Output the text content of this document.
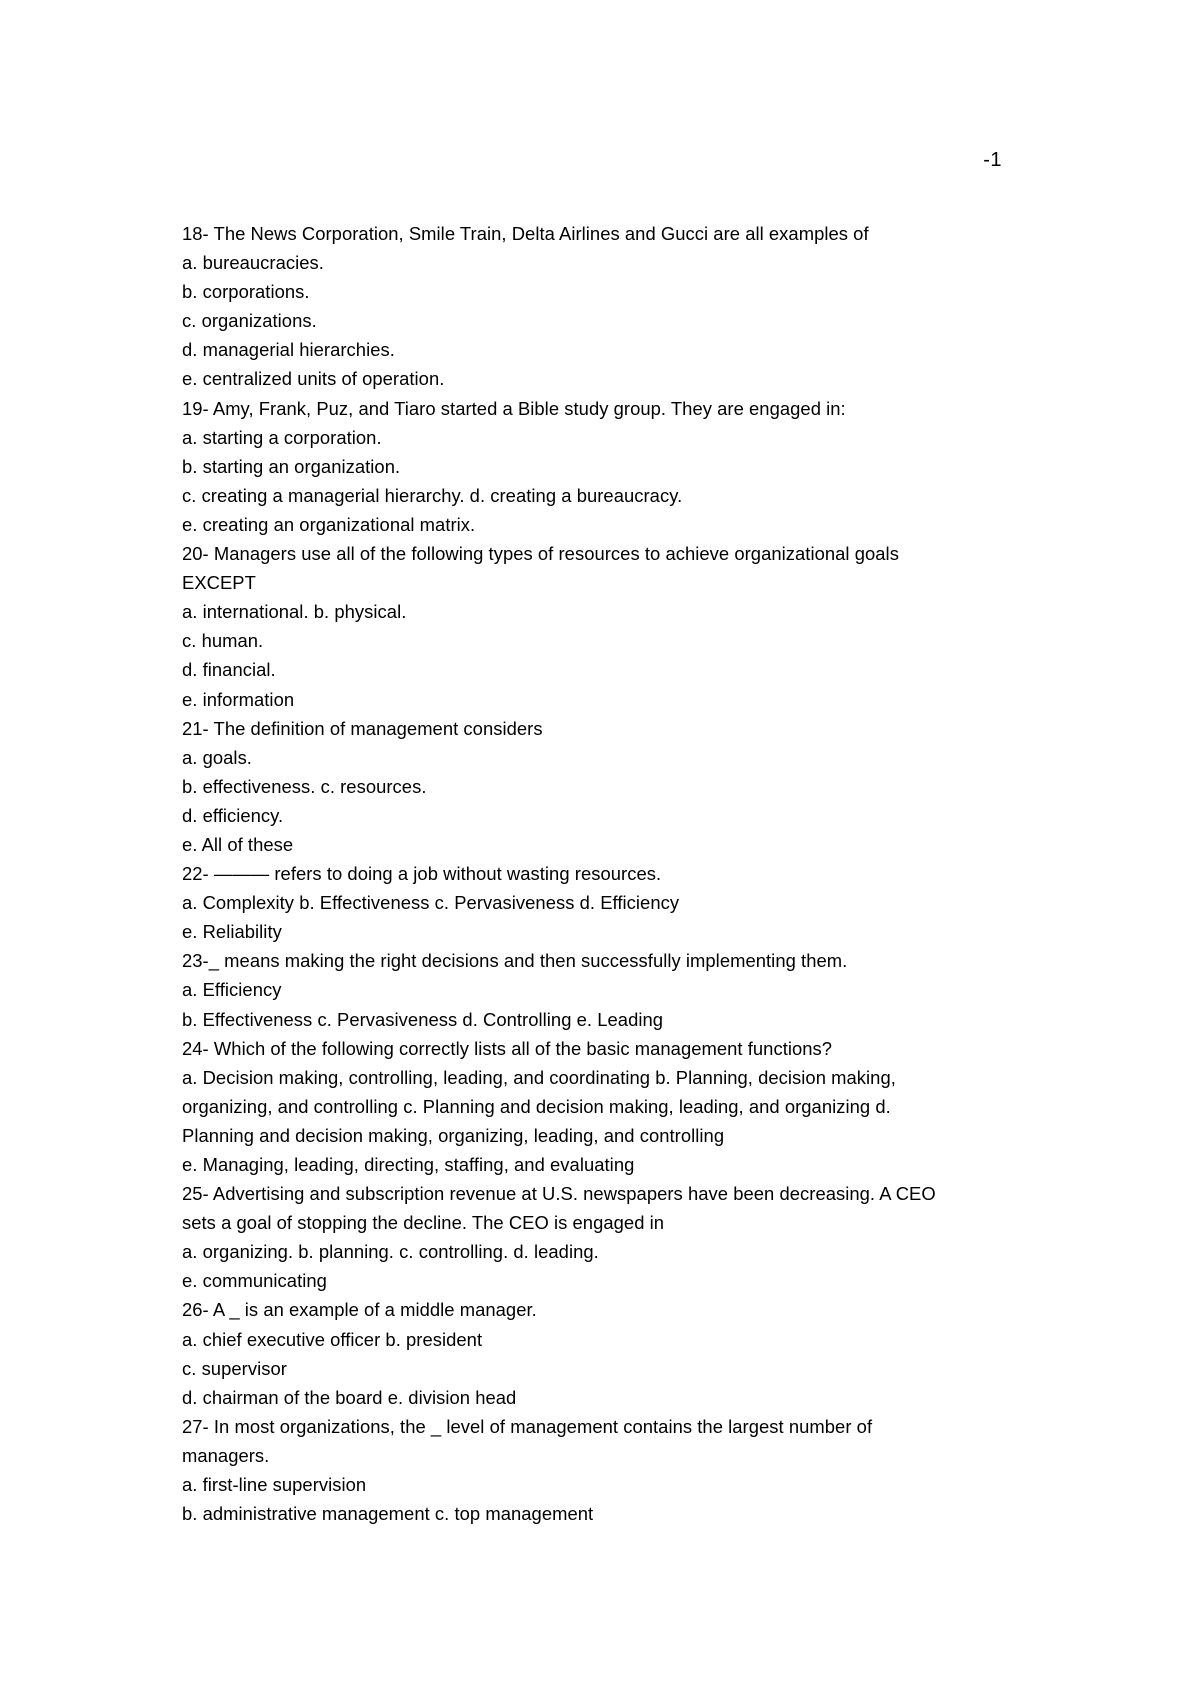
-1
18- The News Corporation, Smile Train, Delta Airlines and Gucci are all examples of
a. bureaucracies.
b. corporations.
c. organizations.
d. managerial hierarchies.
e. centralized units of operation.
19- Amy, Frank, Puz, and Tiaro started a Bible study group. They are engaged in:
a. starting a corporation.
b. starting an organization.
c. creating a managerial hierarchy. d. creating a bureaucracy.
e. creating an organizational matrix.
20- Managers use all of the following types of resources to achieve organizational goals
EXCEPT
a. international. b. physical.
c. human.
d. financial.
e. information
21- The definition of management considers
a. goals.
b. effectiveness. c. resources.
d. efficiency.
e. All of these
22- ——— refers to doing a job without wasting resources.
a. Complexity b. Effectiveness c. Pervasiveness d. Efficiency
e. Reliability
23-_ means making the right decisions and then successfully implementing them.
a. Efficiency
b. Effectiveness c. Pervasiveness d. Controlling e. Leading
24- Which of the following correctly lists all of the basic management functions?
a. Decision making, controlling, leading, and coordinating b. Planning, decision making,
organizing, and controlling c. Planning and decision making, leading, and organizing d.
Planning and decision making, organizing, leading, and controlling
e. Managing, leading, directing, staffing, and evaluating
25- Advertising and subscription revenue at U.S. newspapers have been decreasing. A CEO
sets a goal of stopping the decline. The CEO is engaged in
a. organizing. b. planning. c. controlling. d. leading.
e. communicating
26- A _ is an example of a middle manager.
a. chief executive officer b. president
c. supervisor
d. chairman of the board e. division head
27- In most organizations, the _ level of management contains the largest number of
managers.
a. first-line supervision
b. administrative management c. top management
